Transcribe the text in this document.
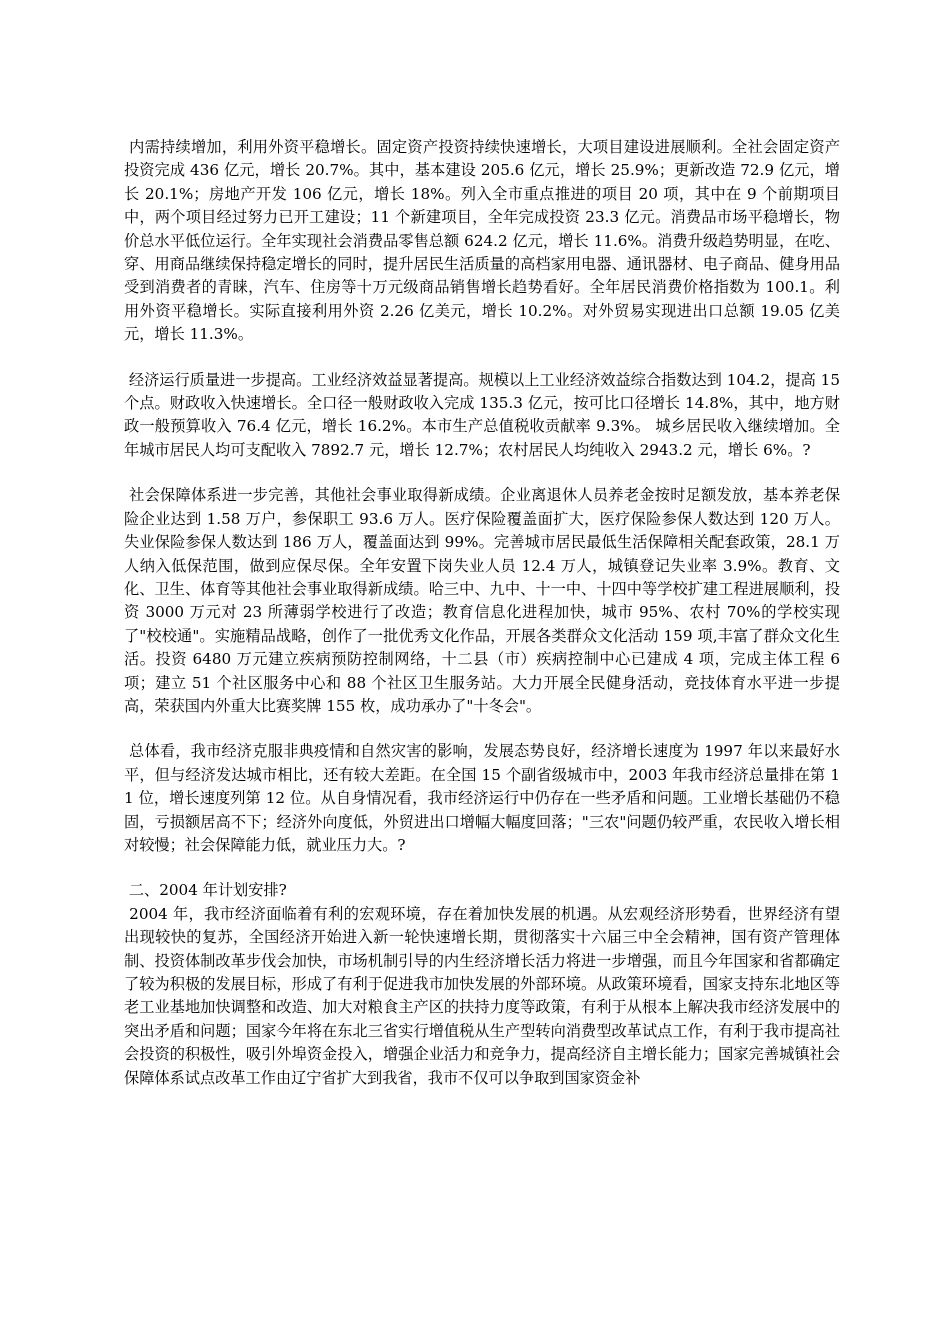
内需持续增加，利用外资平稳增长。固定资产投资持续快速增长，大项目建设进展顺利。全社会固定资产投资完成 436 亿元，增长 20.7%。其中，基本建设 205.6 亿元，增长 25.9%；更新改造 72.9 亿元，增长 20.1%；房地产开发 106 亿元，增长 18%。列入全市重点推进的项目 20 项，其中在 9 个前期项目中，两个项目经过努力已开工建设；11 个新建项目，全年完成投资 23.3 亿元。消费品市场平稳增长，物价总水平低位运行。全年实现社会消费品零售总额 624.2 亿元，增长 11.6%。消费升级趋势明显，在吃、穿、用商品继续保持稳定增长的同时，提升居民生活质量的高档家用电器、通讯器材、电子商品、健身用品受到消费者的青睐，汽车、住房等十万元级商品销售增长趋势看好。全年居民消费价格指数为 100.1。利用外资平稳增长。实际直接利用外资 2.26 亿美元，增长 10.2%。对外贸易实现进出口总额 19.05 亿美元，增长 11.3%。

经济运行质量进一步提高。工业经济效益显著提高。规模以上工业经济效益综合指数达到 104.2，提高 15 个点。财政收入快速增长。全口径一般财政收入完成 135.3 亿元，按可比口径增长 14.8%，其中，地方财政一般预算收入 76.4 亿元，增长 16.2%。本市生产总值税收贡献率 9.3%。 城乡居民收入继续增加。全年城市居民人均可支配收入 7892.7 元，增长 12.7%；农村居民人均纯收入 2943.2 元，增长 6%。?

社会保障体系进一步完善，其他社会事业取得新成绩。企业离退休人员养老金按时足额发放，基本养老保险企业达到 1.58 万户，参保职工 93.6 万人。医疗保险覆盖面扩大，医疗保险参保人数达到 120 万人。失业保险参保人数达到 186 万人，覆盖面达到 99%。完善城市居民最低生活保障相关配套政策，28.1 万人纳入低保范围，做到应保尽保。全年安置下岗失业人员 12.4 万人，城镇登记失业率 3.9%。教育、文化、卫生、体育等其他社会事业取得新成绩。哈三中、九中、十一中、十四中等学校扩建工程进展顺利，投资 3000 万元对 23 所薄弱学校进行了改造；教育信息化进程加快，城市 95%、农村 70%的学校实现了"校校通"。实施精品战略，创作了一批优秀文化作品，开展各类群众文化活动 159 项,丰富了群众文化生活。投资 6480 万元建立疾病预防控制网络，十二县（市）疾病控制中心已建成 4 项，完成主体工程 6 项；建立 51 个社区服务中心和 88 个社区卫生服务站。大力开展全民健身活动，竞技体育水平进一步提高，荣获国内外重大比赛奖牌 155 枚，成功承办了"十冬会"。

总体看，我市经济克服非典疫情和自然灾害的影响，发展态势良好，经济增长速度为 1997 年以来最好水平，但与经济发达城市相比，还有较大差距。在全国 15 个副省级城市中，2003 年我市经济总量排在第 11 位，增长速度列第 12 位。从自身情况看，我市经济运行中仍存在一些矛盾和问题。工业增长基础仍不稳固，亏损额居高不下；经济外向度低，外贸进出口增幅大幅度回落；"三农"问题仍较严重，农民收入增长相对较慢；社会保障能力低，就业压力大。?

二、2004 年计划安排?

2004 年，我市经济面临着有利的宏观环境，存在着加快发展的机遇。从宏观经济形势看，世界经济有望出现较快的复苏，全国经济开始进入新一轮快速增长期，贯彻落实十六届三中全会精神，国有资产管理体制、投资体制改革步伐会加快，市场机制引导的内生经济增长活力将进一步增强，而且今年国家和省都确定了较为积极的发展目标，形成了有利于促进我市加快发展的外部环境。从政策环境看，国家支持东北地区等老工业基地加快调整和改造、加大对粮食主产区的扶持力度等政策，有利于从根本上解决我市经济发展中的突出矛盾和问题；国家今年将在东北三省实行增值税从生产型转向消费型改革试点工作，有利于我市提高社会投资的积极性，吸引外埠资金投入，增强企业活力和竞争力，提高经济自主增长能力；国家完善城镇社会保障体系试点改革工作由辽宁省扩大到我省，我市不仅可以争取到国家资金补
